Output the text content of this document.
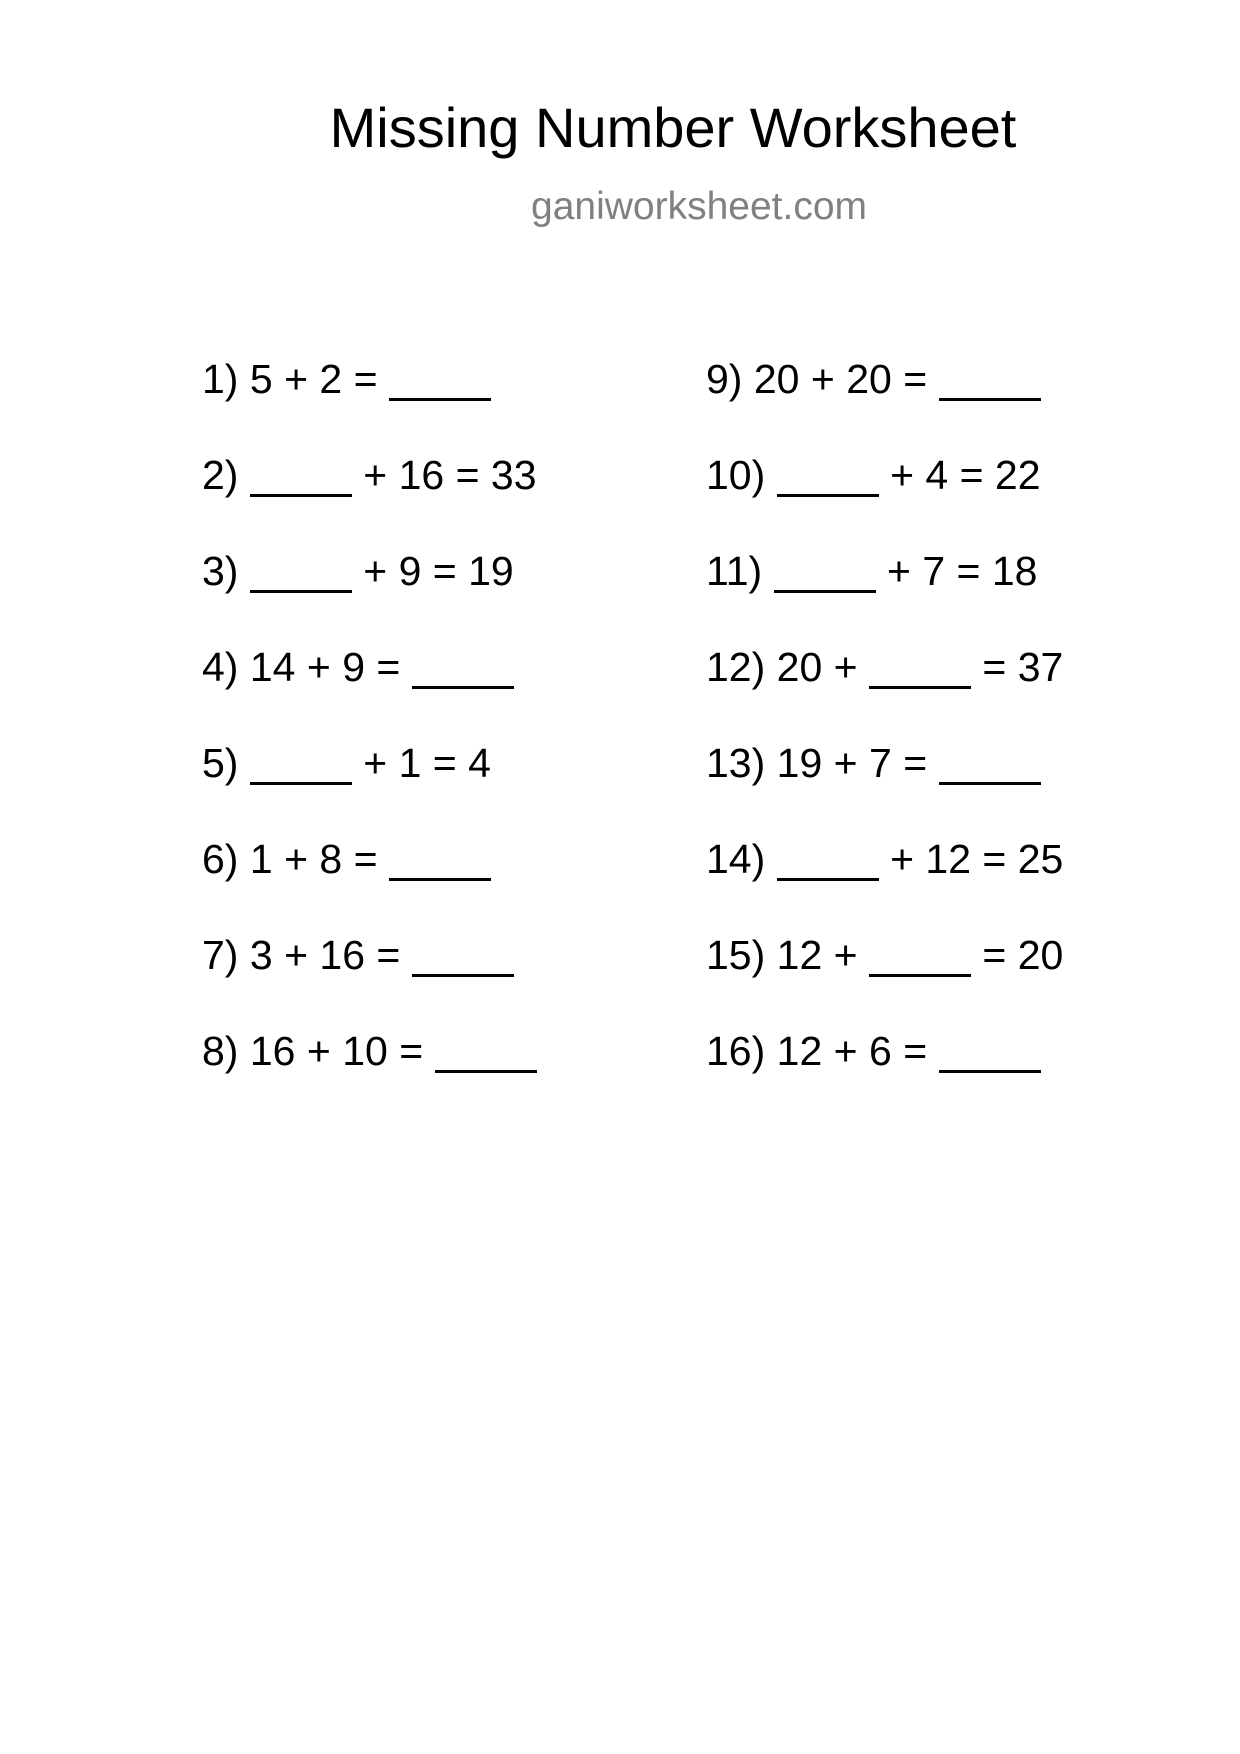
Missing Number Worksheet
ganiworksheet.com
1) 5 + 2 =
2)	+ 16 = 33
3)	+ 9 = 19
4) 14 + 9 =
5)	+ 1 = 4
6) 1 + 8 =
7) 3 + 16 =
8) 16 + 10 =
9) 20 + 20 =
10)	+ 4 = 22
11)	+ 7 = 18
12) 20 +  = 37
13) 19 + 7 =
14)	+ 12 = 25
15) 12 +  = 20
16) 12 + 6 =
